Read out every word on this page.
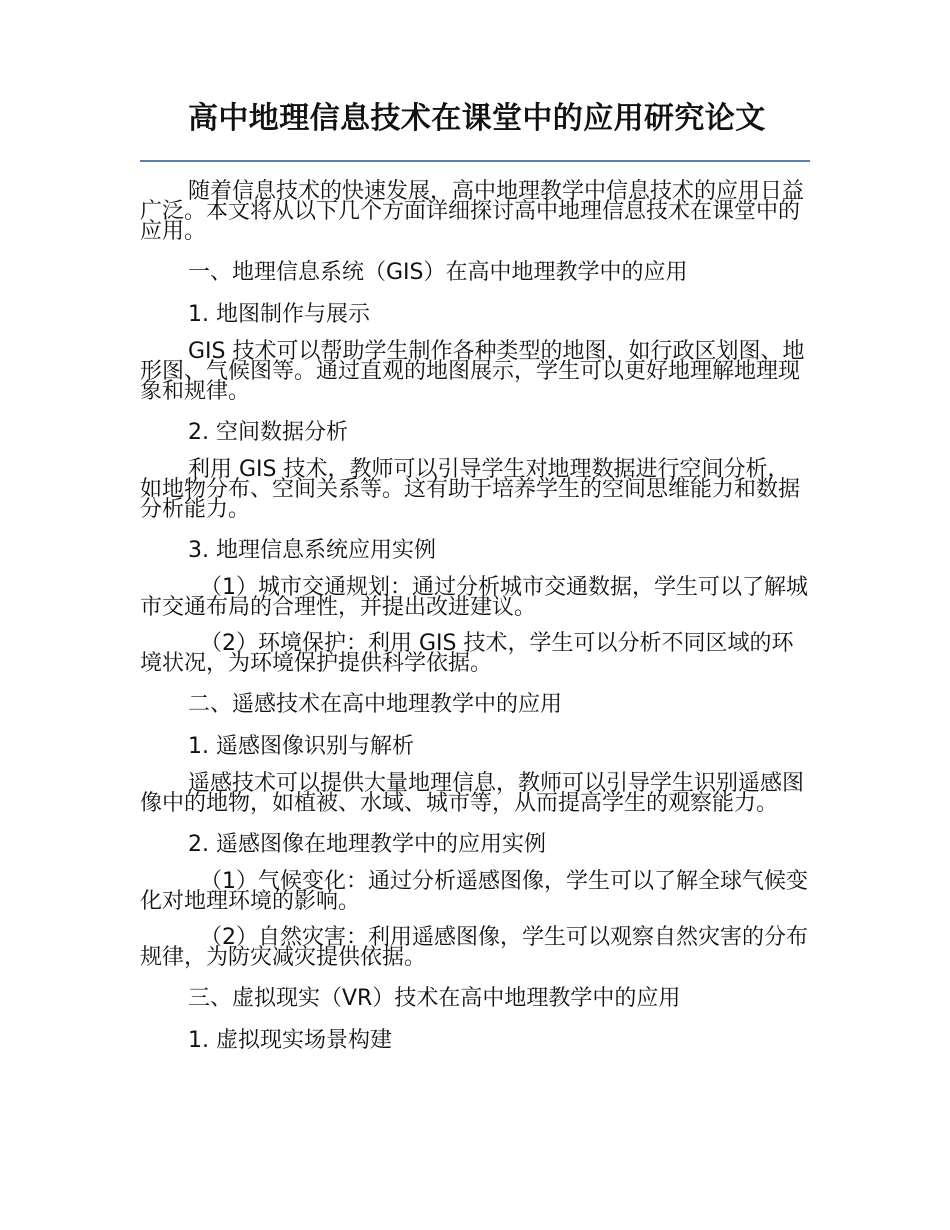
高中地理信息技术在课堂中的应用研究论文

随着信息技术的快速发展，高中地理教学中信息技术的应用日益广泛。本文将从以下几个方面详细探讨高中地理信息技术在课堂中的应用。

一、地理信息系统（GIS）在高中地理教学中的应用

1. 地图制作与展示

GIS 技术可以帮助学生制作各种类型的地图，如行政区划图、地形图、气候图等。通过直观的地图展示，学生可以更好地理解地理现象和规律。

2. 空间数据分析

利用 GIS 技术，教师可以引导学生对地理数据进行空间分析，如地物分布、空间关系等。这有助于培养学生的空间思维能力和数据分析能力。

3. 地理信息系统应用实例

（1）城市交通规划：通过分析城市交通数据，学生可以了解城市交通布局的合理性，并提出改进建议。

（2）环境保护：利用 GIS 技术，学生可以分析不同区域的环境状况，为环境保护提供科学依据。

二、遥感技术在高中地理教学中的应用

1. 遥感图像识别与解析

遥感技术可以提供大量地理信息，教师可以引导学生识别遥感图像中的地物，如植被、水域、城市等，从而提高学生的观察能力。

2. 遥感图像在地理教学中的应用实例

（1）气候变化：通过分析遥感图像，学生可以了解全球气候变化对地理环境的影响。

（2）自然灾害：利用遥感图像，学生可以观察自然灾害的分布规律，为防灾减灾提供依据。

三、虚拟现实（VR）技术在高中地理教学中的应用

1. 虚拟现实场景构建
